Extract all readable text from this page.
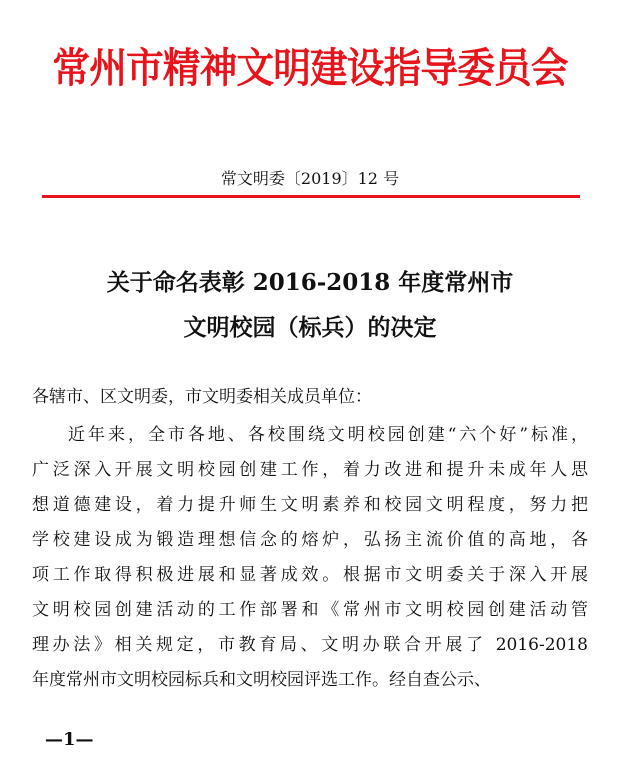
常州市精神文明建设指导委员会
常文明委〔2019〕12 号
关于命名表彰 2016-2018 年度常州市
文明校园（标兵）的决定
各辖市、区文明委，市文明委相关成员单位：
近年来，全市各地、各校围绕文明校园创建“六个好”标准，
广泛深入开展文明校园创建工作，着力改进和提升未成年人思
想道德建设，着力提升师生文明素养和校园文明程度，努力把
学校建设成为锻造理想信念的熔炉，弘扬主流价值的高地，各
项工作取得积极进展和显著成效。根据市文明委关于深入开展
文明校园创建活动的工作部署和《常州市文明校园创建活动管
理办法》相关规定，市教育局、文明办联合开展了 2016-2018
年度常州市文明校园标兵和文明校园评选工作。经自查公示、
—1—
